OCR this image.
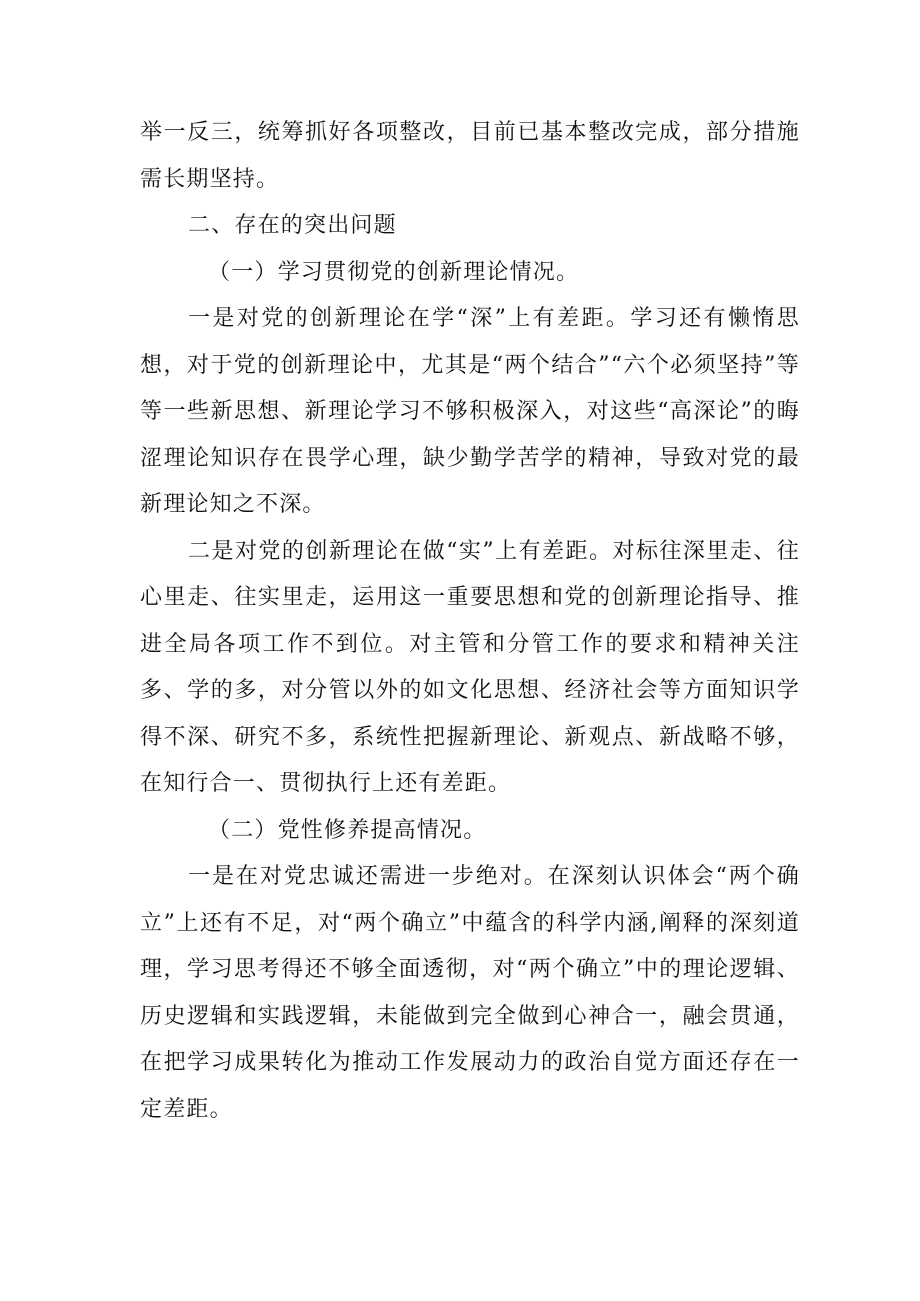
举一反三，统筹抓好各项整改，目前已基本整改完成，部分措施需长期坚持。

二、存在的突出问题

（一）学习贯彻党的创新理论情况。

一是对党的创新理论在学“深”上有差距。学习还有懒惰思想，对于党的创新理论中，尤其是“两个结合”“六个必须坚持”等等一些新思想、新理论学习不够积极深入，对这些“高深论”的晦涩理论知识存在畏学心理，缺少勤学苦学的精神，导致对党的最新理论知之不深。

二是对党的创新理论在做“实”上有差距。对标往深里走、往心里走、往实里走，运用这一重要思想和党的创新理论指导、推进全局各项工作不到位。对主管和分管工作的要求和精神关注多、学的多，对分管以外的如文化思想、经济社会等方面知识学得不深、研究不多，系统性把握新理论、新观点、新战略不够，在知行合一、贯彻执行上还有差距。

（二）党性修养提高情况。

一是在对党忠诚还需进一步绝对。在深刻认识体会“两个确立”上还有不足，对“两个确立”中蕴含的科学内涵,阐释的深刻道理，学习思考得还不够全面透彻，对“两个确立”中的理论逻辑、历史逻辑和实践逻辑，未能做到完全做到心神合一，融会贯通，在把学习成果转化为推动工作发展动力的政治自觉方面还存在一定差距。
